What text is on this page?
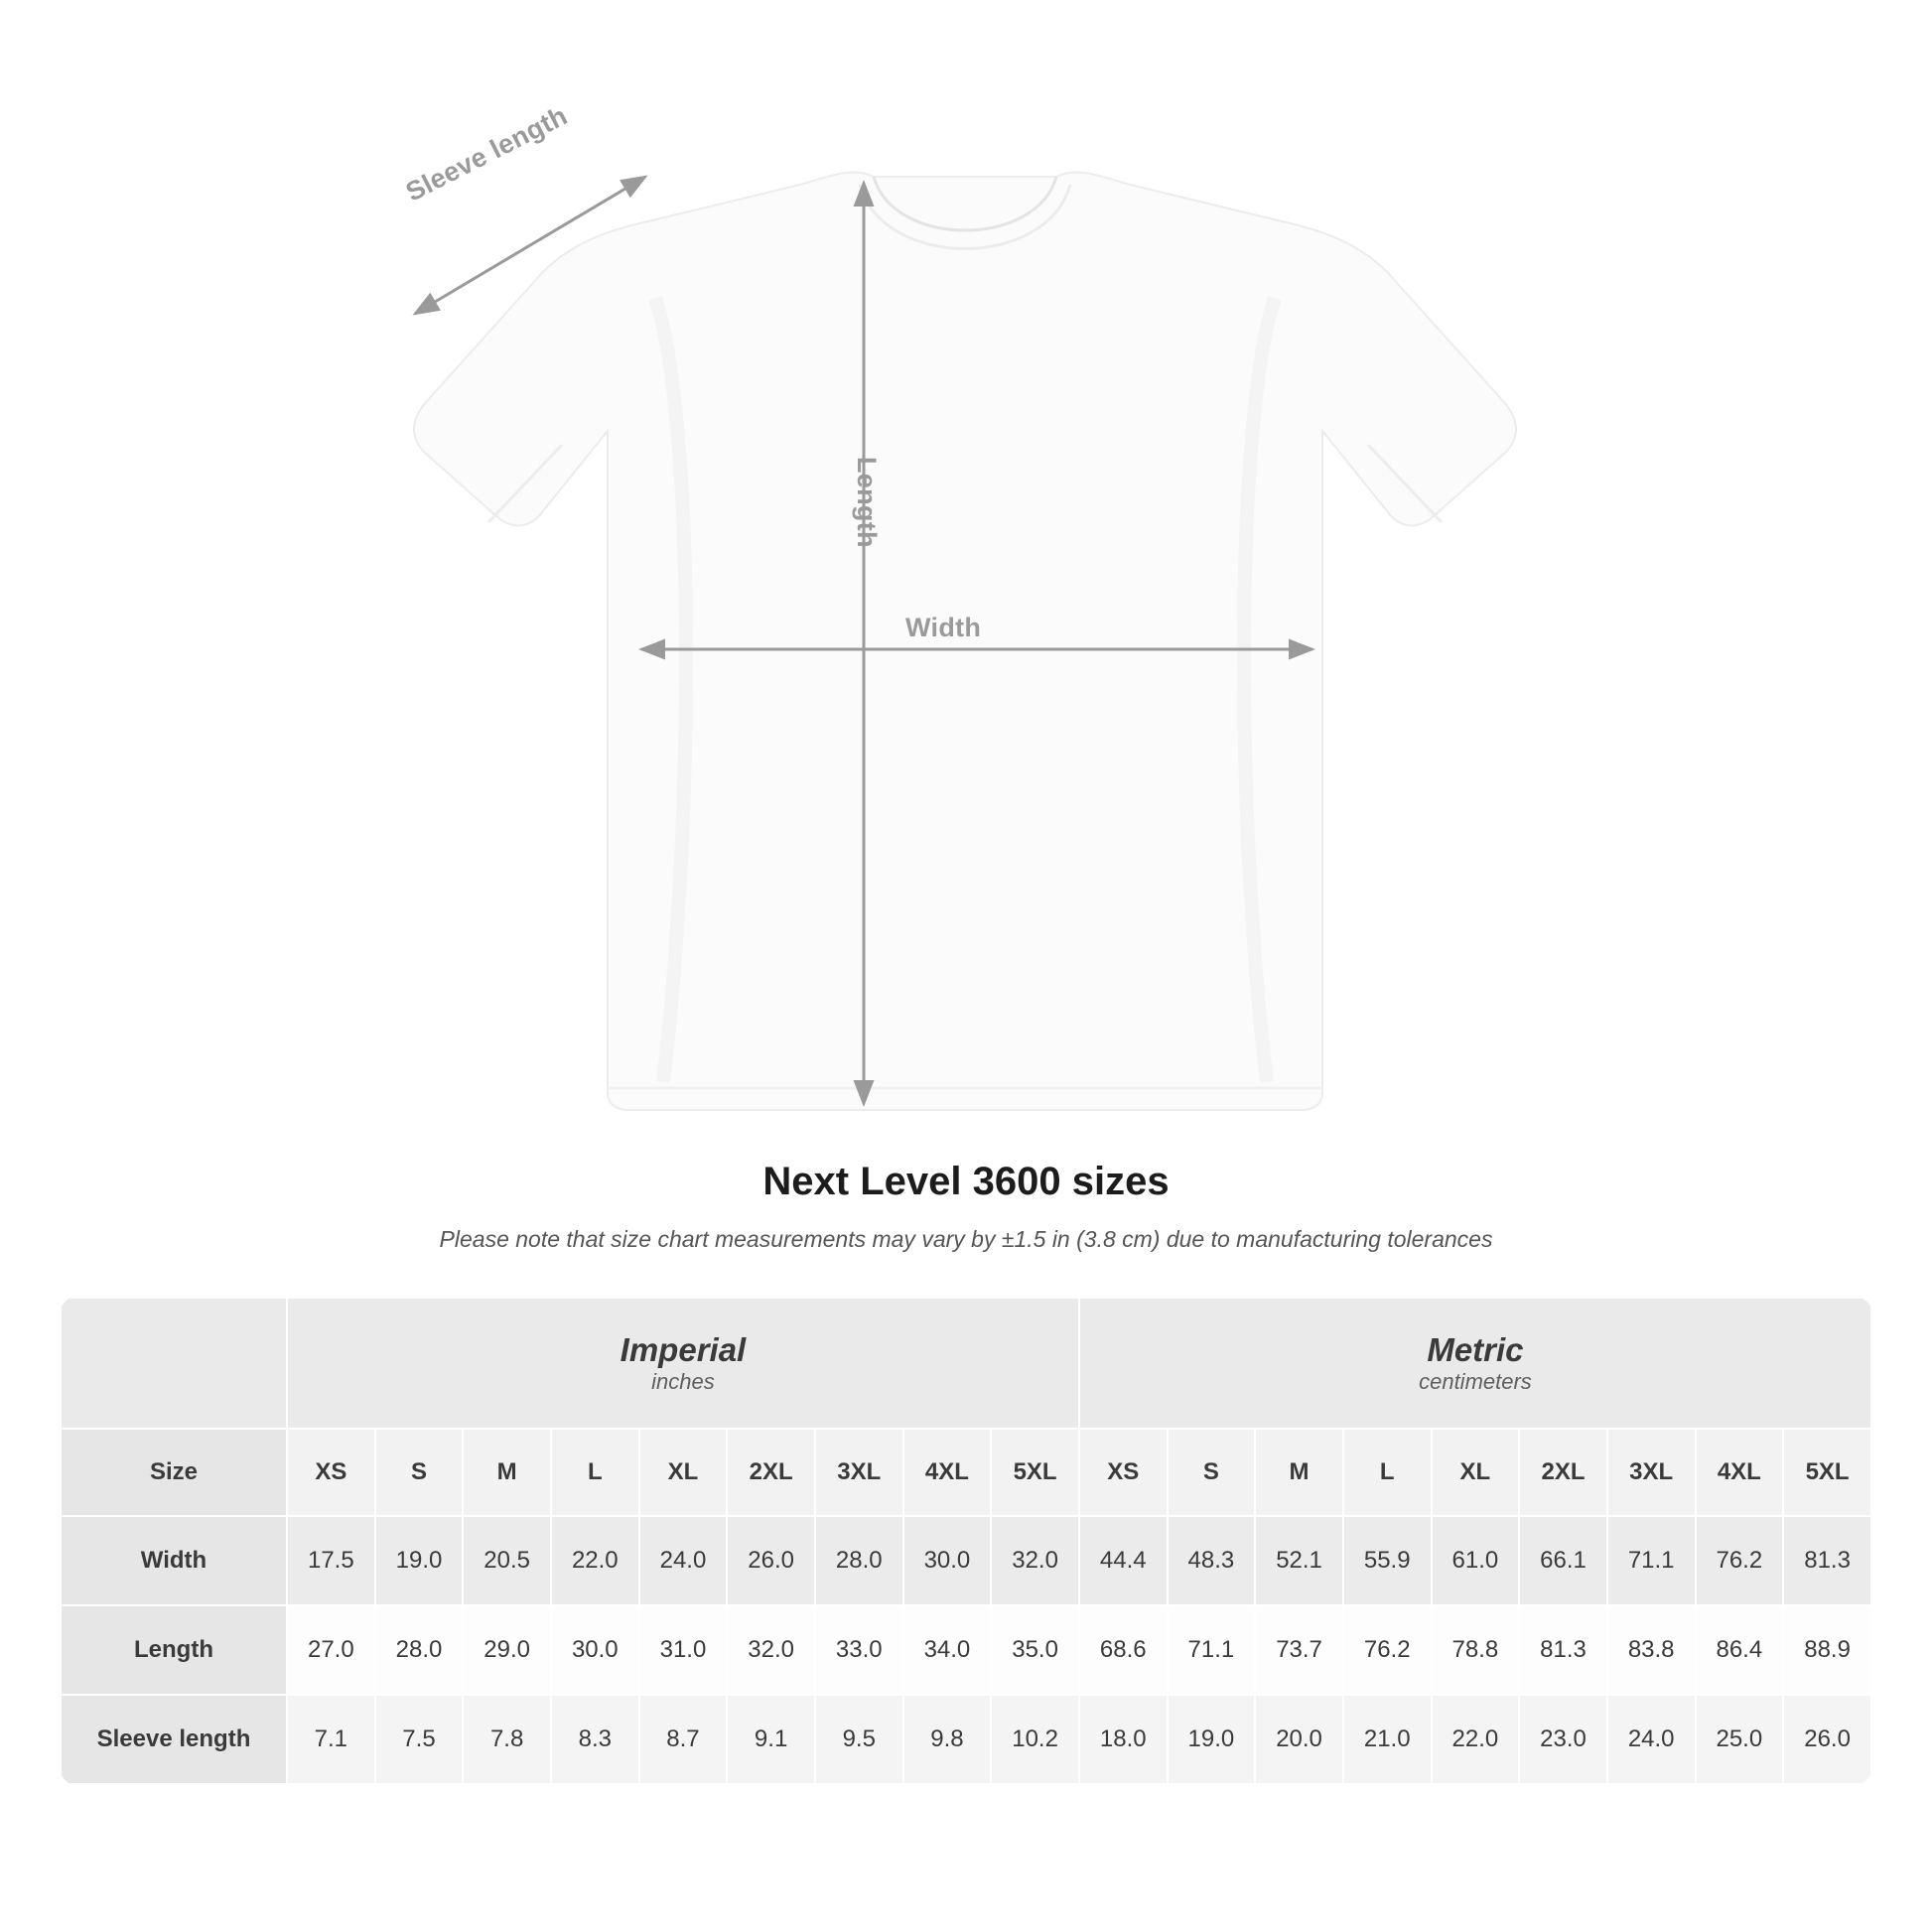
Sleeve length
Length
Width
Next Level 3600 sizes

Please note that size chart measurements may vary by ±1.5 in (3.8 cm) due to manufacturing tolerances

	Imperial
inches									Metric
centimeters								

Size	XS	S	M	L	XL	2XL	3XL	4XL	5XL	XS	S	M	L	XL	2XL	3XL	4XL	5XL
Width	17.5	19.0	20.5	22.0	24.0	26.0	28.0	30.0	32.0	44.4	48.3	52.1	55.9	61.0	66.1	71.1	76.2	81.3
Length	27.0	28.0	29.0	30.0	31.0	32.0	33.0	34.0	35.0	68.6	71.1	73.7	76.2	78.8	81.3	83.8	86.4	88.9
Sleeve length	7.1	7.5	7.8	8.3	8.7	9.1	9.5	9.8	10.2	18.0	19.0	20.0	21.0	22.0	23.0	24.0	25.0	26.0
